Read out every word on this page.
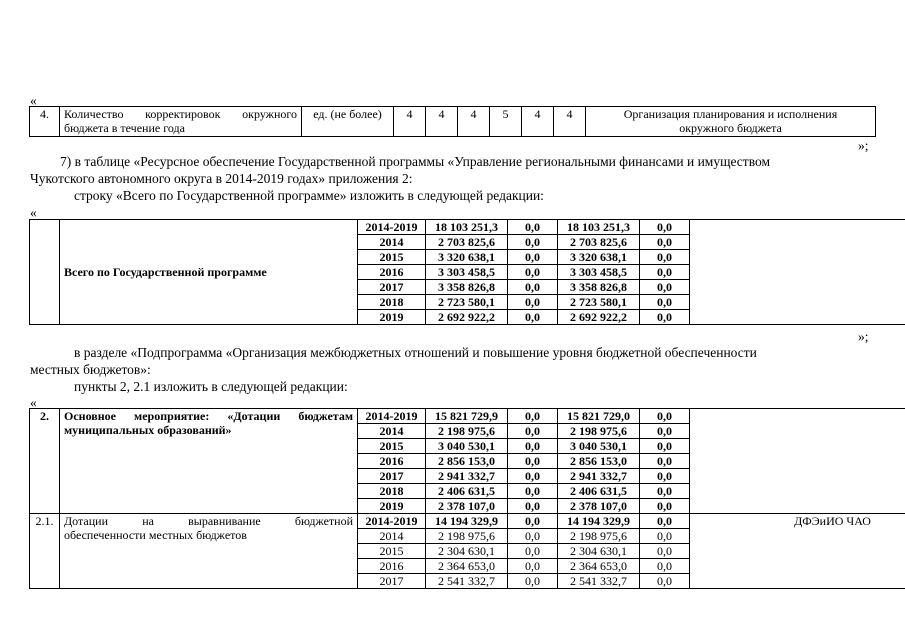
«
4.	Количество корректировок окружного
бюджета в течение года
	ед. (не более)	4	4	4	5	4	4	Организация планирования и исполнения
окружного бюджета
»;
7) в таблице «Ресурсное обеспечение Государственной программы «Управление региональными финансами и имуществом
Чукотского автономного округа в 2014-2019 годах» приложения 2:
строку «Всего по Государственной программе» изложить в следующей редакции:
«
	Всего по Государственной программе	2014-2019	18 103 251,3	0,0	18 103 251,3	0,0	
		2014	2 703 825,6	0,0	2 703 825,6	0,0	
		2015	3 320 638,1	0,0	3 320 638,1	0,0	
		2016	3 303 458,5	0,0	3 303 458,5	0,0	
		2017	3 358 826,8	0,0	3 358 826,8	0,0	
		2018	2 723 580,1	0,0	2 723 580,1	0,0	
		2019	2 692 922,2	0,0	2 692 922,2	0,0	
»;
в разделе «Подпрограмма «Организация межбюджетных отношений и повышение уровня бюджетной обеспеченности
местных бюджетов»:
пункты 2, 2.1 изложить в следующей редакции:
«
2.	Основное мероприятие: «Дотации бюджетам
муниципальных образований»	2014-2019	15 821 729,9	0,0	15 821 729,0	0,0	
		2014	2 198 975,6	0,0	2 198 975,6	0,0	
		2015	3 040 530,1	0,0	3 040 530,1	0,0	
		2016	2 856 153,0	0,0	2 856 153,0	0,0	
		2017	2 941 332,7	0,0	2 941 332,7	0,0	
		2018	2 406 631,5	0,0	2 406 631,5	0,0	
		2019	2 378 107,0	0,0	2 378 107,0	0,0	
2.1.	Дотации на выравнивание бюджетной
обеспеченности местных бюджетов	2014-2019	14 194 329,9	0,0	14 194 329,9	0,0	ДФЭиИО ЧАО
		2014	2 198 975,6	0,0	2 198 975,6	0,0	
		2015	2 304 630,1	0,0	2 304 630,1	0,0	
		2016	2 364 653,0	0,0	2 364 653,0	0,0	
		2017	2 541 332,7	0,0	2 541 332,7	0,0	
